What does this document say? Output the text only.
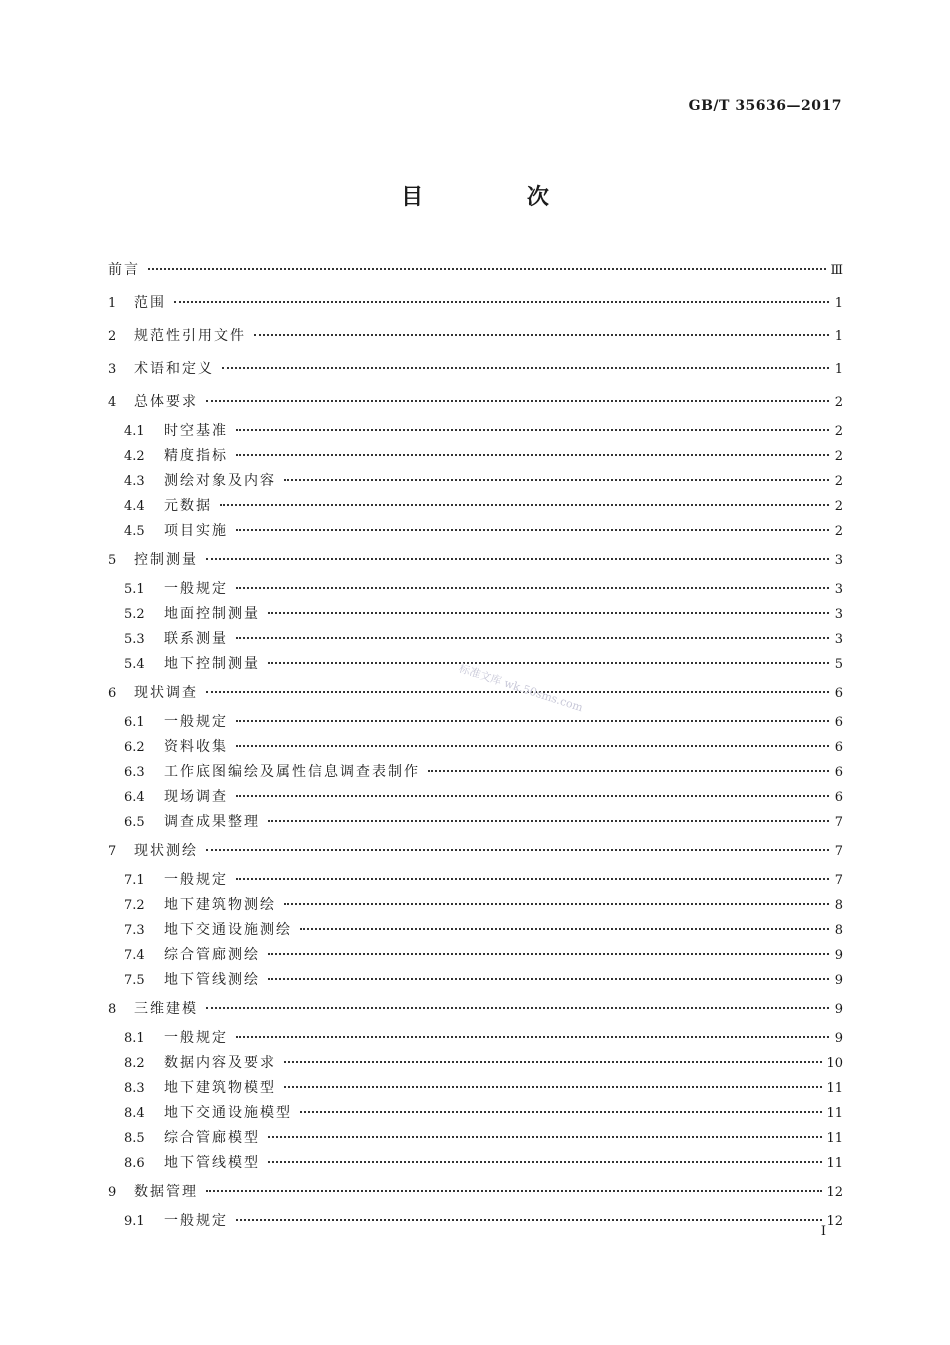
GB/T 35636—2017
目 次
前言	Ⅲ
1	范围	1
2	规范性引用文件	1
3	术语和定义	1
4	总体要求	2
4.1	时空基准	2
4.2	精度指标	2
4.3	测绘对象及内容	2
4.4	元数据	2
4.5	项目实施	2
5	控制测量	3
5.1	一般规定	3
5.2	地面控制测量	3
5.3	联系测量	3
5.4	地下控制测量	5
6	现状调查	6
6.1	一般规定	6
6.2	资料收集	6
6.3	工作底图编绘及属性信息调查表制作	6
6.4	现场调查	6
6.5	调查成果整理	7
7	现状测绘	7
7.1	一般规定	7
7.2	地下建筑物测绘	8
7.3	地下交通设施测绘	8
7.4	综合管廊测绘	9
7.5	地下管线测绘	9
8	三维建模	9
8.1	一般规定	9
8.2	数据内容及要求	10
8.3	地下建筑物模型	11
8.4	地下交通设施模型	11
8.5	综合管廊模型	11
8.6	地下管线模型	11
9	数据管理	12
9.1	一般规定	12
标准文库 wk.50sms.com
I
